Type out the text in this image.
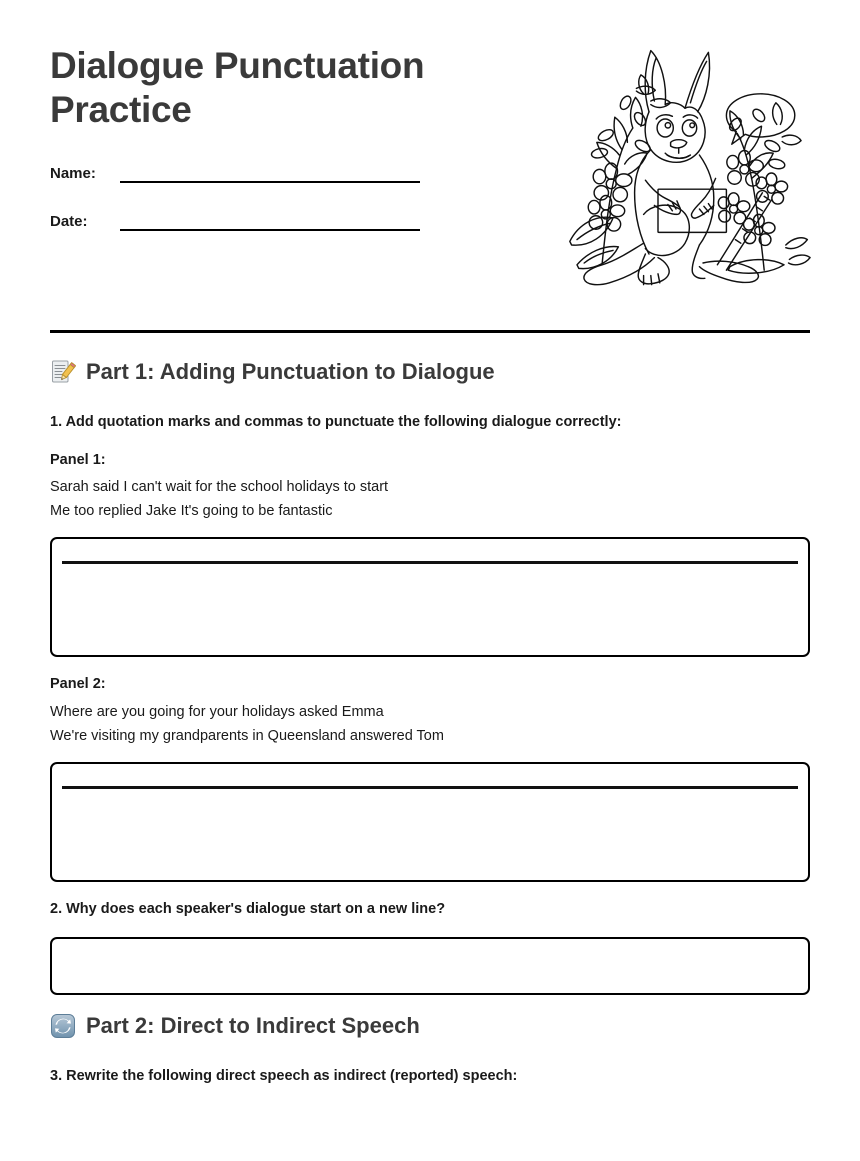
Dialogue Punctuation Practice
Name:
Date:
Part 1: Adding Punctuation to Dialogue

1. Add quotation marks and commas to punctuate the following dialogue correctly:

Panel 1:

Sarah said I can't wait for the school holidays to start

Me too replied Jake It's going to be fantastic

Panel 2:

Where are you going for your holidays asked Emma

We're visiting my grandparents in Queensland answered Tom

2. Why does each speaker's dialogue start on a new line?

Part 2: Direct to Indirect Speech

3. Rewrite the following direct speech as indirect (reported) speech:
